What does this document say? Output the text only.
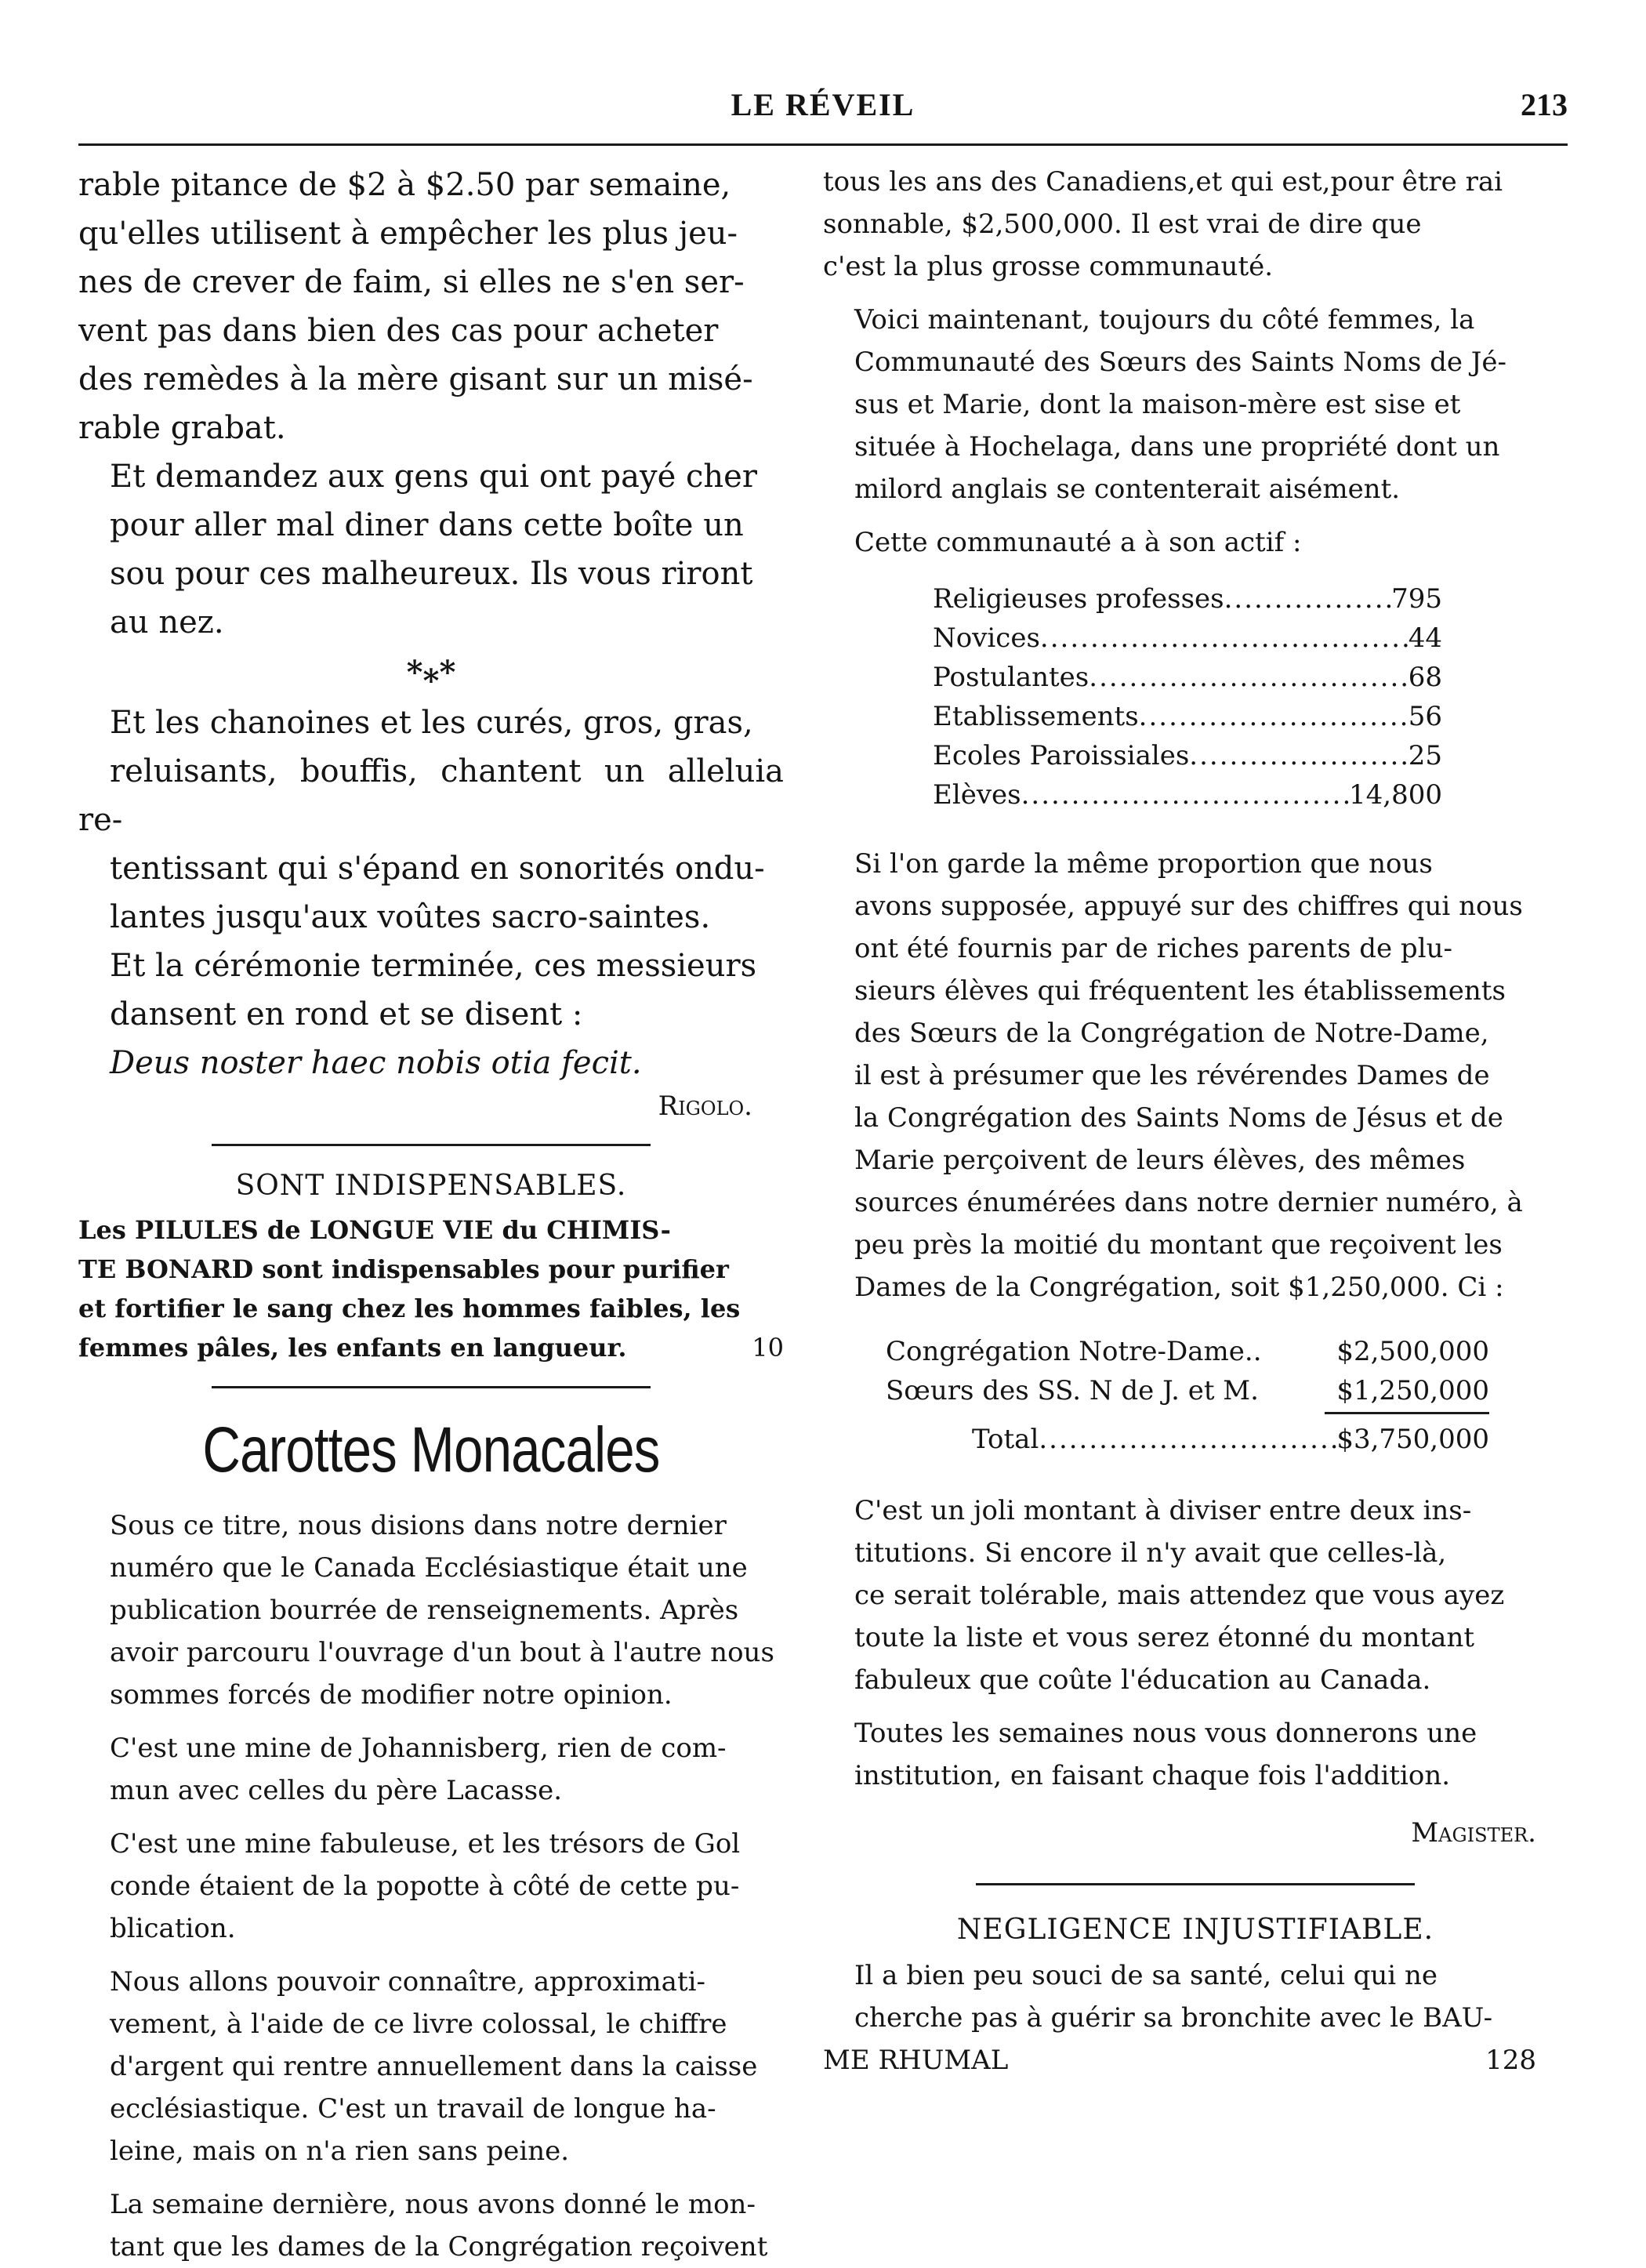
LE RÉVEIL	213
rable pitance de $2 à $2.50 par semaine,
qu'elles utilisent à empêcher les plus jeu-
nes de crever de faim, si elles ne s'en ser-
vent pas dans bien des cas pour acheter
des remèdes à la mère gisant sur un misé-
rable grabat.
Et demandez aux gens qui ont payé cher
pour aller mal diner dans cette boîte un
sou pour ces malheureux. Ils vous riront
au nez.
*⁎*
Et les chanoines et les curés, gros, gras,
reluisants, bouffis, chantent un alleluia re-
tentissant qui s'épand en sonorités ondu-
lantes jusqu'aux voûtes sacro-saintes.
Et la cérémonie terminée, ces messieurs
dansent en rond et se disent :
Deus noster haec nobis otia fecit.
Rigolo.
SONT INDISPENSABLES.
Les PILULES de LONGUE VIE du CHIMIS-
TE BONARD sont indispensables pour purifier
et fortifier le sang chez les hommes faibles, les
femmes pâles, les enfants en langueur.	10
Carottes Monacales
Sous ce titre, nous disions dans notre dernier
numéro que le Canada Ecclésiastique était une
publication bourrée de renseignements. Après
avoir parcouru l'ouvrage d'un bout à l'autre nous
sommes forcés de modifier notre opinion.
C'est une mine de Johannisberg, rien de com-
mun avec celles du père Lacasse.
C'est une mine fabuleuse, et les trésors de Gol
conde étaient de la popotte à côté de cette pu-
blication.
Nous allons pouvoir connaître, approximati-
vement, à l'aide de ce livre colossal, le chiffre
d'argent qui rentre annuellement dans la caisse
ecclésiastique. C'est un travail de longue ha-
leine, mais on n'a rien sans peine.
La semaine dernière, nous avons donné le mon-
tant que les dames de la Congrégation reçoivent
tous les ans des Canadiens,et qui est,pour être rai
sonnable, $2,500,000. Il est vrai de dire que
c'est la plus grosse communauté.
Voici maintenant, toujours du côté femmes, la
Communauté des Sœurs des Saints Noms de Jé-
sus et Marie, dont la maison-mère est sise et
située à Hochelaga, dans une propriété dont un
milord anglais se contenterait aisément.
Cette communauté a à son actif :
Religieuses professes .....	795
Novices .....	44
Postulantes .....	68
Etablissements .....	56
Ecoles Paroissiales .....	25
Elèves .....	14,800
Si l'on garde la même proportion que nous
avons supposée, appuyé sur des chiffres qui nous
ont été fournis par de riches parents de plu-
sieurs élèves qui fréquentent les établissements
des Sœurs de la Congrégation de Notre-Dame,
il est à présumer que les révérendes Dames de
la Congrégation des Saints Noms de Jésus et de
Marie perçoivent de leurs élèves, des mêmes
sources énumérées dans notre dernier numéro, à
peu près la moitié du montant que reçoivent les
Dames de la Congrégation, soit $1,250,000. Ci :
Congrégation Notre-Dame..	$2,500,000
Sœurs des SS. N de J. et M.	$1,250,000
Total .....	$3,750,000
C'est un joli montant à diviser entre deux ins-
titutions. Si encore il n'y avait que celles-là,
ce serait tolérable, mais attendez que vous ayez
toute la liste et vous serez étonné du montant
fabuleux que coûte l'éducation au Canada.
Toutes les semaines nous vous donnerons une
institution, en faisant chaque fois l'addition.
Magister.
NEGLIGENCE INJUSTIFIABLE.
Il a bien peu souci de sa santé, celui qui ne
cherche pas à guérir sa bronchite avec le BAU-
ME RHUMAL	128
